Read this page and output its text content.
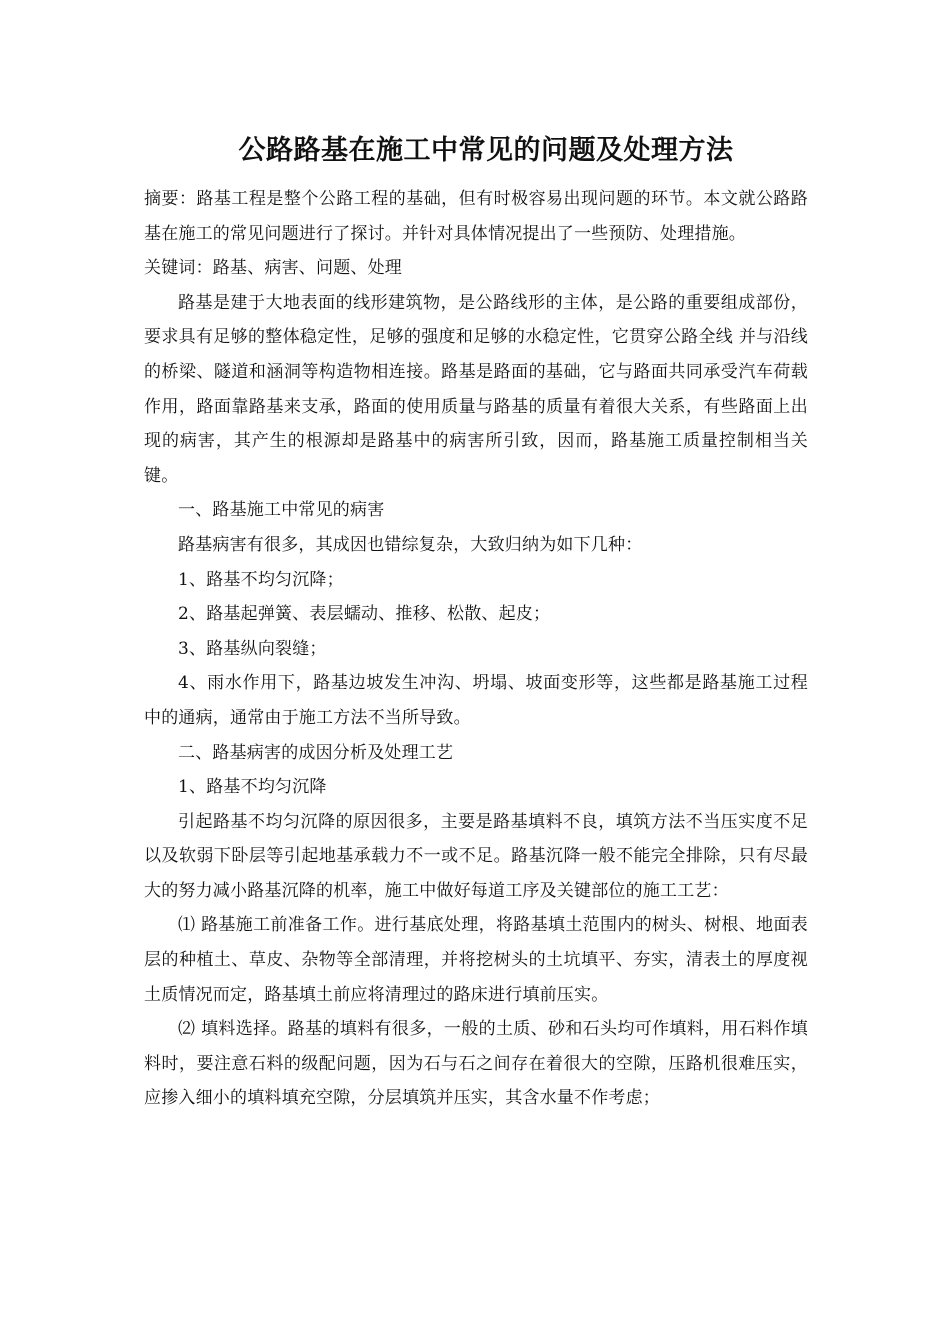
公路路基在施工中常见的问题及处理方法

摘要：路基工程是整个公路工程的基础，但有时极容易出现问题的环节。本文就公路路基在施工的常见问题进行了探讨。并针对具体情况提出了一些预防、处理措施。

关键词：路基、病害、问题、处理

路基是建于大地表面的线形建筑物，是公路线形的主体，是公路的重要组成部份，要求具有足够的整体稳定性，足够的强度和足够的水稳定性，它贯穿公路全线 并与沿线的桥梁、隧道和涵洞等构造物相连接。路基是路面的基础，它与路面共同承受汽车荷载作用，路面靠路基来支承，路面的使用质量与路基的质量有着很大关系，有些路面上出现的病害，其产生的根源却是路基中的病害所引致，因而，路基施工质量控制相当关键。

一、路基施工中常见的病害

路基病害有很多，其成因也错综复杂，大致归纳为如下几种：

1、路基不均匀沉降；

2、路基起弹簧、表层蠕动、推移、松散、起皮；

3、路基纵向裂缝；

4、雨水作用下，路基边坡发生冲沟、坍塌、坡面变形等，这些都是路基施工过程中的通病，通常由于施工方法不当所导致。

二、路基病害的成因分析及处理工艺

1、路基不均匀沉降

引起路基不均匀沉降的原因很多，主要是路基填料不良，填筑方法不当压实度不足以及软弱下卧层等引起地基承载力不一或不足。路基沉降一般不能完全排除，只有尽最大的努力减小路基沉降的机率，施工中做好每道工序及关键部位的施工工艺：

⑴ 路基施工前准备工作。进行基底处理，将路基填土范围内的树头、树根、地面表层的种植土、草皮、杂物等全部清理，并将挖树头的土坑填平、夯实，清表土的厚度视土质情况而定，路基填土前应将清理过的路床进行填前压实。

⑵ 填料选择。路基的填料有很多，一般的土质、砂和石头均可作填料，用石料作填料时，要注意石料的级配问题，因为石与石之间存在着很大的空隙，压路机很难压实，应掺入细小的填料填充空隙，分层填筑并压实，其含水量不作考虑；
